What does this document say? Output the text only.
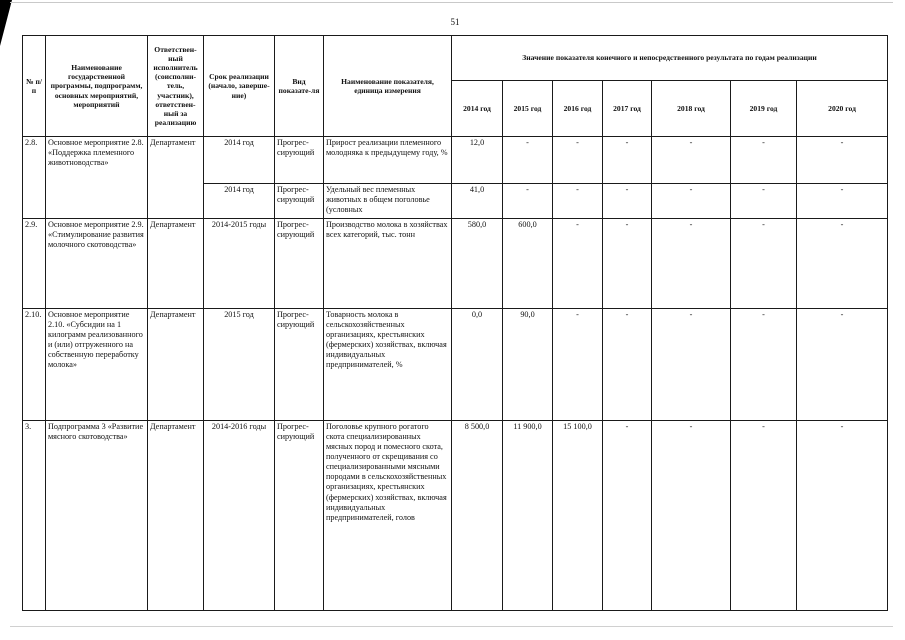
51
№ п/п	Наименование государственной программы, подпрограмм, основных мероприятий, мероприятий	Ответствен-ный исполнитель (соисполни-тель, участник), ответствен-ный за реализацию	Срок реализации (начало, заверше-ние)	Вид показате-ля	Наименование показателя, единица измерения	Значение показателя конечного и непосредственного результата по годам реализации						
						2014 год	2015 год	2016 год	2017 год	2018 год	2019 год	2020 год
2.8.	Основное мероприятие 2.8. «Поддержка племенного животноводства»	Департамент	2014 год	Прогрес-сирующий	Прирост реализации племенного молодняка к предыдущему году, %	12,0	-	-	-	-	-	-
			2014 год	Прогрес-сирующий	Удельный вес племенных животных в общем поголовье (условных	41,0	-	-	-	-	-	-
2.9.	Основное мероприятие 2.9. «Стимулирование развития молочного скотоводства»	Департамент	2014-2015 годы	Прогрес-сирующий	Производство молока в хозяйствах всех категорий, тыс. тонн	580,0	600,0	-	-	-	-	-
2.10.	Основное мероприятие 2.10. «Субсидии на 1 килограмм реализованного и (или) отгруженного на собственную переработку молока»	Департамент	2015 год	Прогрес-сирующий	Товарность молока в сельскохозяйственных организациях, крестьянских (фермерских) хозяйствах, включая индивидуальных предпринимателей, %	0,0	90,0	-	-	-	-	-
3.	Подпрограмма 3 «Развитие мясного скотоводства»	Департамент	2014-2016 годы	Прогрес-сирующий	Поголовье крупного рогатого скота специализированных мясных пород и помесного скота, полученного от скрещивания со специализированными мясными породами в сельскохозяйственных организациях, крестьянских (фермерских) хозяйствах, включая индивидуальных предпринимателей, голов	8 500,0	11 900,0	15 100,0	-	-	-	-
